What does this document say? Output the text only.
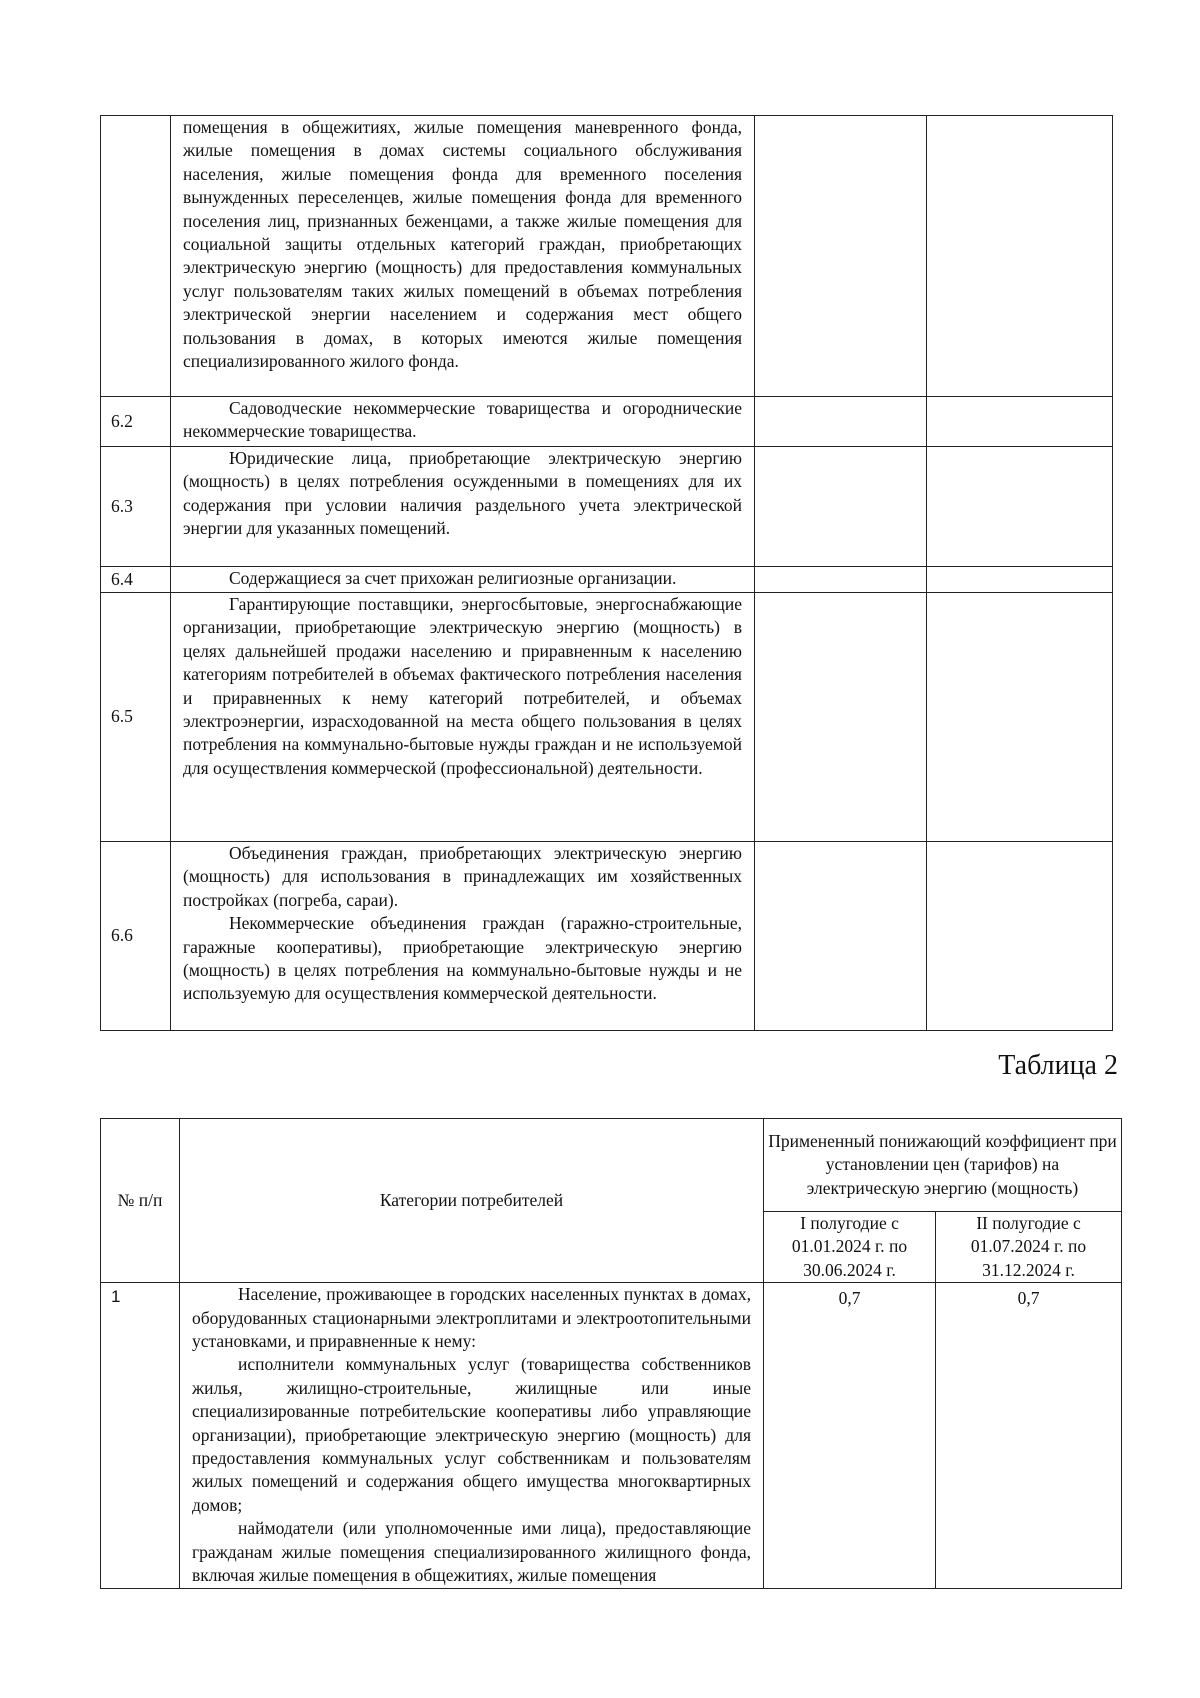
	помещения в общежитиях, жилые помещения маневренного фонда, жилые помещения в домах системы социального обслуживания населения, жилые помещения фонда для временного поселения вынужденных переселенцев, жилые помещения фонда для временного поселения лиц, признанных беженцами, а также жилые помещения для социальной защиты отдельных категорий граждан, приобретающих электрическую энергию (мощность) для предоставления коммунальных услуг пользователям таких жилых помещений в объемах потребления электрической энергии населением и содержания мест общего пользования в домах, в которых имеются жилые помещения специализированного жилого фонда.		

6.2	Садоводческие некоммерческие товарищества и огороднические некоммерческие товарищества.		

6.3	Юридические лица, приобретающие электрическую энергию (мощность) в целях потребления осужденными в помещениях для их содержания при условии наличия раздельного учета электрической энергии для указанных помещений.		

6.4	Содержащиеся за счет прихожан религиозные организации.		

6.5	Гарантирующие поставщики, энергосбытовые, энергоснабжающие организации, приобретающие электрическую энергию (мощность) в целях дальнейшей продажи населению и приравненным к населению категориям потребителей в объемах фактического потребления населения и приравненных к нему категорий потребителей, и объемах электроэнергии, израсходованной на места общего пользования в целях потребления на коммунально-бытовые нужды граждан и не используемой для осуществления коммерческой (профессиональной) деятельности.		

6.6	Объединения граждан, приобретающих электрическую энергию (мощность) для использования в принадлежащих им хозяйственных постройках (погреба, сараи).

Некоммерческие объединения граждан (гаражно-строительные, гаражные кооперативы), приобретающие электрическую энергию (мощность) в целях потребления на коммунально-бытовые нужды и не используемую для осуществления коммерческой деятельности.		

Таблица 2
№ п/п	Категории потребителей	Примененный понижающий коэффициент при установлении цен (тарифов) на электрическую энергию (мощность)	
		I полугодие с 01.01.2024 г. по 30.06.2024 г.	II полугодие с 01.07.2024 г. по 31.12.2024 г.
1	Население, проживающее в городских населенных пунктах в домах, оборудованных стационарными электроплитами и электроотопительными установками, и приравненные к нему:

исполнители коммунальных услуг (товарищества собственников жилья, жилищно-строительные, жилищные или иные специализированные потребительские кооперативы либо управляющие организации), приобретающие электрическую энергию (мощность) для предоставления коммунальных услуг собственникам и пользователям жилых помещений и содержания общего имущества многоквартирных домов;

наймодатели (или уполномоченные ими лица), предоставляющие гражданам жилые помещения специализированного жилищного фонда, включая жилые помещения в общежитиях, жилые помещения	0,7	0,7
